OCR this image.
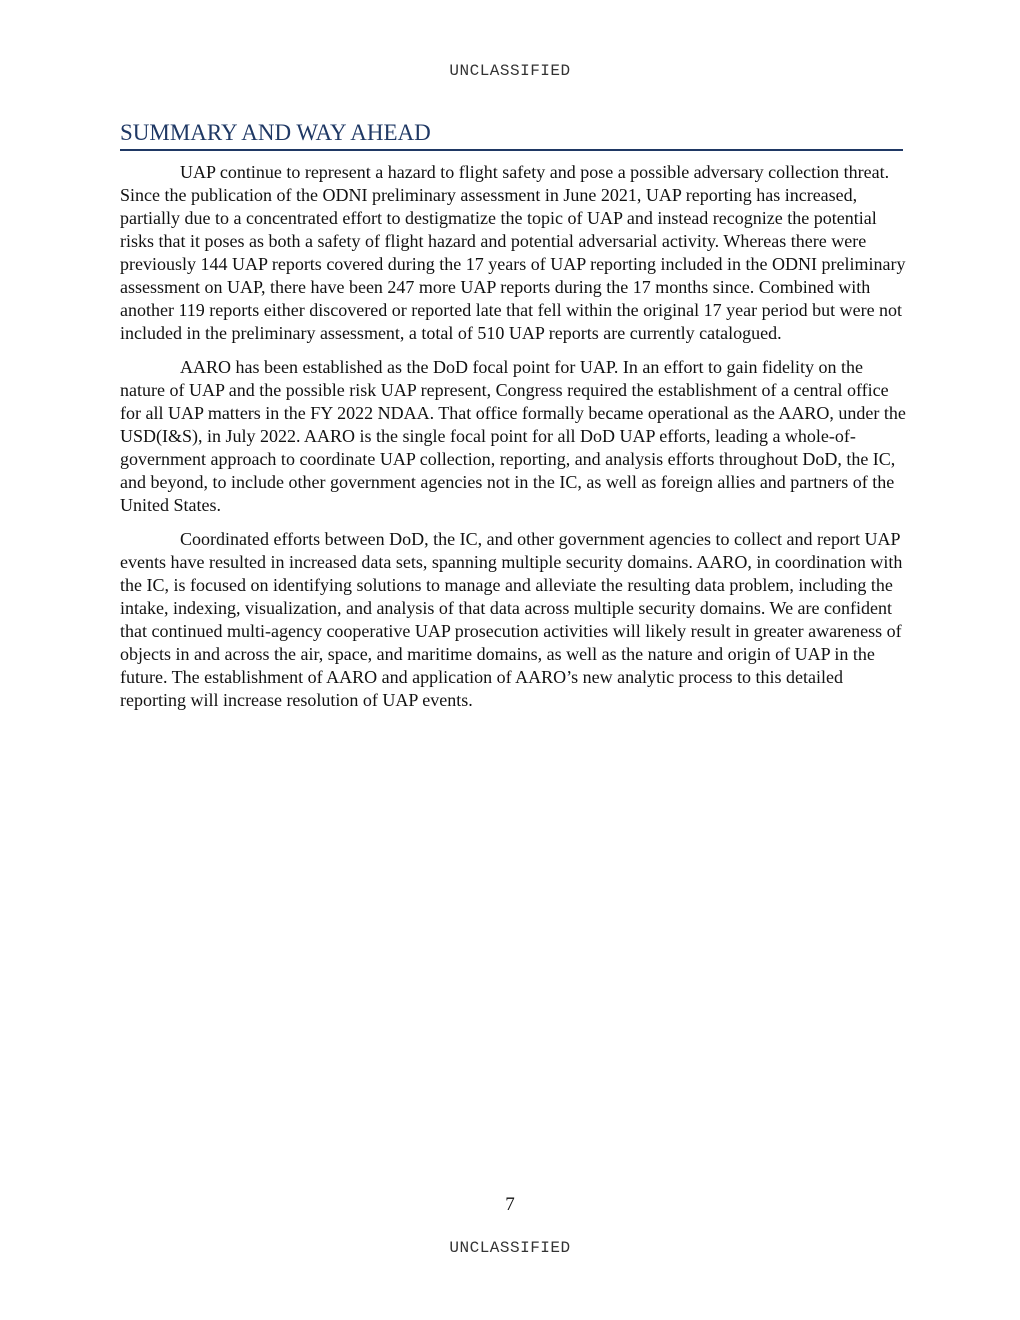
UNCLASSIFIED
SUMMARY AND WAY AHEAD

UAP continue to represent a hazard to flight safety and pose a possible adversary collection threat. Since the publication of the ODNI preliminary assessment in June 2021, UAP reporting has increased, partially due to a concentrated effort to destigmatize the topic of UAP and instead recognize the potential risks that it poses as both a safety of flight hazard and potential adversarial activity. Whereas there were previously 144 UAP reports covered during the 17 years of UAP reporting included in the ODNI preliminary assessment on UAP, there have been 247 more UAP reports during the 17 months since. Combined with another 119 reports either discovered or reported late that fell within the original 17 year period but were not included in the preliminary assessment, a total of 510 UAP reports are currently catalogued.

AARO has been established as the DoD focal point for UAP. In an effort to gain fidelity on the nature of UAP and the possible risk UAP represent, Congress required the establishment of a central office for all UAP matters in the FY 2022 NDAA. That office formally became operational as the AARO, under the USD(I&S), in July 2022. AARO is the single focal point for all DoD UAP efforts, leading a whole-of-government approach to coordinate UAP collection, reporting, and analysis efforts throughout DoD, the IC, and beyond, to include other government agencies not in the IC, as well as foreign allies and partners of the United States.

Coordinated efforts between DoD, the IC, and other government agencies to collect and report UAP events have resulted in increased data sets, spanning multiple security domains. AARO, in coordination with the IC, is focused on identifying solutions to manage and alleviate the resulting data problem, including the intake, indexing, visualization, and analysis of that data across multiple security domains. We are confident that continued multi-agency cooperative UAP prosecution activities will likely result in greater awareness of objects in and across the air, space, and maritime domains, as well as the nature and origin of UAP in the future. The establishment of AARO and application of AARO’s new analytic process to this detailed reporting will increase resolution of UAP events.

7
UNCLASSIFIED
